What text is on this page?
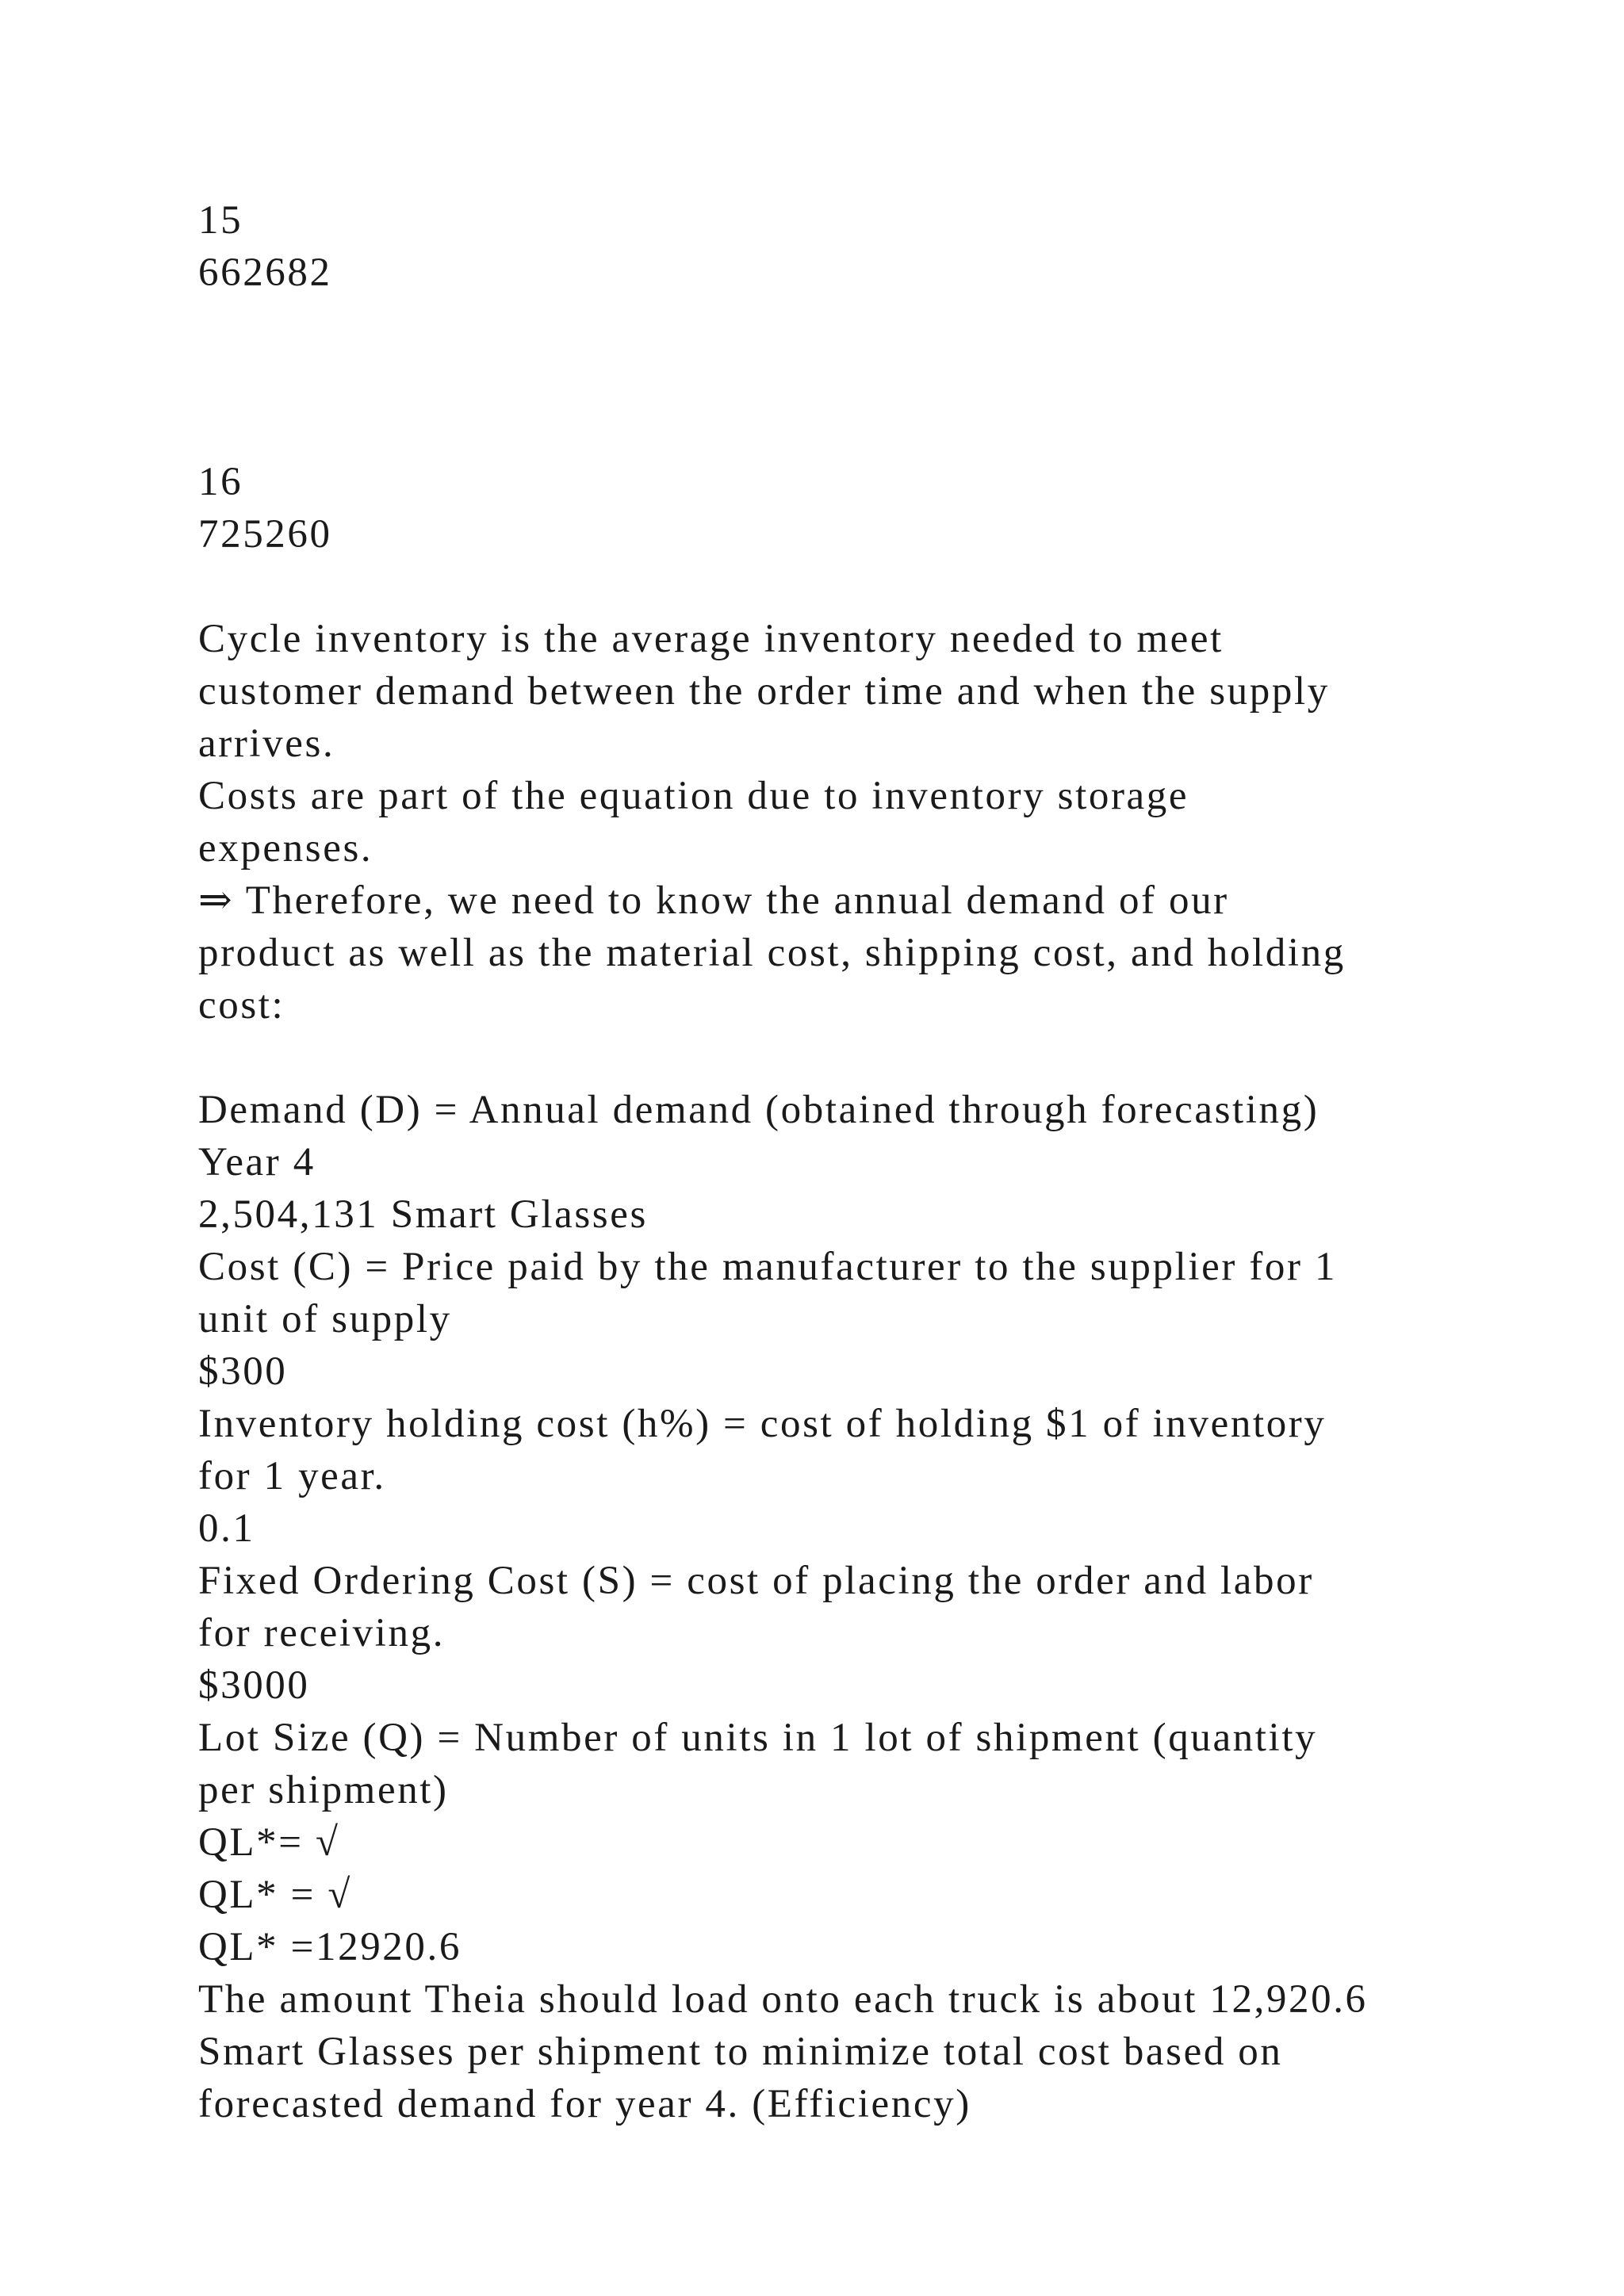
15
662682
16
725260
Cycle inventory is the average inventory needed to meet
customer demand between the order time and when the supply
arrives.
Costs are part of the equation due to inventory storage
expenses.
⇒ Therefore, we need to know the annual demand of our
product as well as the material cost, shipping cost, and holding
cost:
Demand (D) = Annual demand (obtained through forecasting)
Year 4
2,504,131 Smart Glasses
Cost (C) = Price paid by the manufacturer to the supplier for 1
unit of supply
$300
Inventory holding cost (h%) = cost of holding $1 of inventory
for 1 year.
0.1
Fixed Ordering Cost (S) = cost of placing the order and labor
for receiving.
$3000
Lot Size (Q) = Number of units in 1 lot of shipment (quantity
per shipment)
QL*= √
QL* = √
QL* =12920.6
The amount Theia should load onto each truck is about 12,920.6
Smart Glasses per shipment to minimize total cost based on
forecasted demand for year 4. (Efficiency)
